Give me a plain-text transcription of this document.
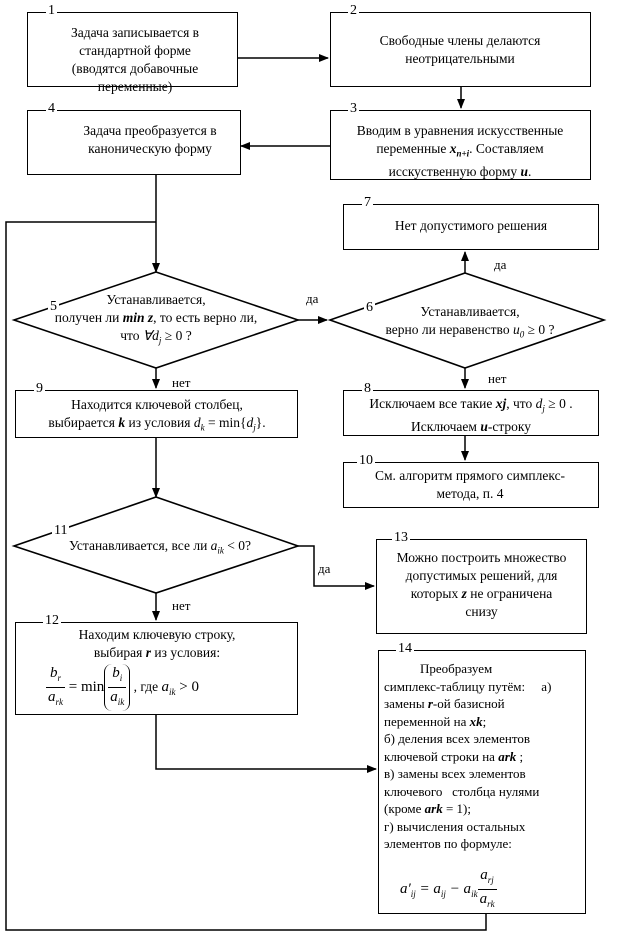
1
Задача записывается в стандартной форме (вводятся добавочные переменные)
2
Свободные члены делаются неотрицательными
4
Задача преобразуется в каноническую форму
3
Вводим в уравнения искусственные
переменные $x_{n+i}$. Составляем
исскуственную форму u.
7
Нет допустимого решения
5	Устанавливается,
получен ли min z, то есть верно ли,
что $\forall d_j \ge 0$ ?
6	Устанавливается,
верно ли неравенство $u_0 \ge 0$ ?
да
нет
да
нет
да
нет
9
Находится ключевой столбец,
выбирается k из условия $d_k = \min\{d_j\}$.
8
Исключаем все такие xj, что $d_j \ge 0$ .
Исключаем u-строку
10
См. алгоритм прямого симплекс-метода, п. 4
11
Устанавливается, все ли $a_{ik} < 0$?
13
Можно построить множество
допустимых решений, для
которых z не ограничена
снизу
12
Находим ключевую строку,
выбирая r из условия:
$\frac{b_r}{a_{rk}} = \min \frac{b_i}{a_{ik}}$ , где $a_{ik} > 0$
14
Преобразуем
симплекс-таблицу путём:     а)
замены r-ой базисной
переменной на xk;
б) деления всех элементов
ключевой строки на ark ;
в) замены всех элементов
ключевого   столбца нулями
(кроме ark = 1);
г) вычисления остальных
элементов по формуле:
$a'_{ij} = a_{ij} - a_{ik} \frac{a_{rj}}{a_{rk}}$
